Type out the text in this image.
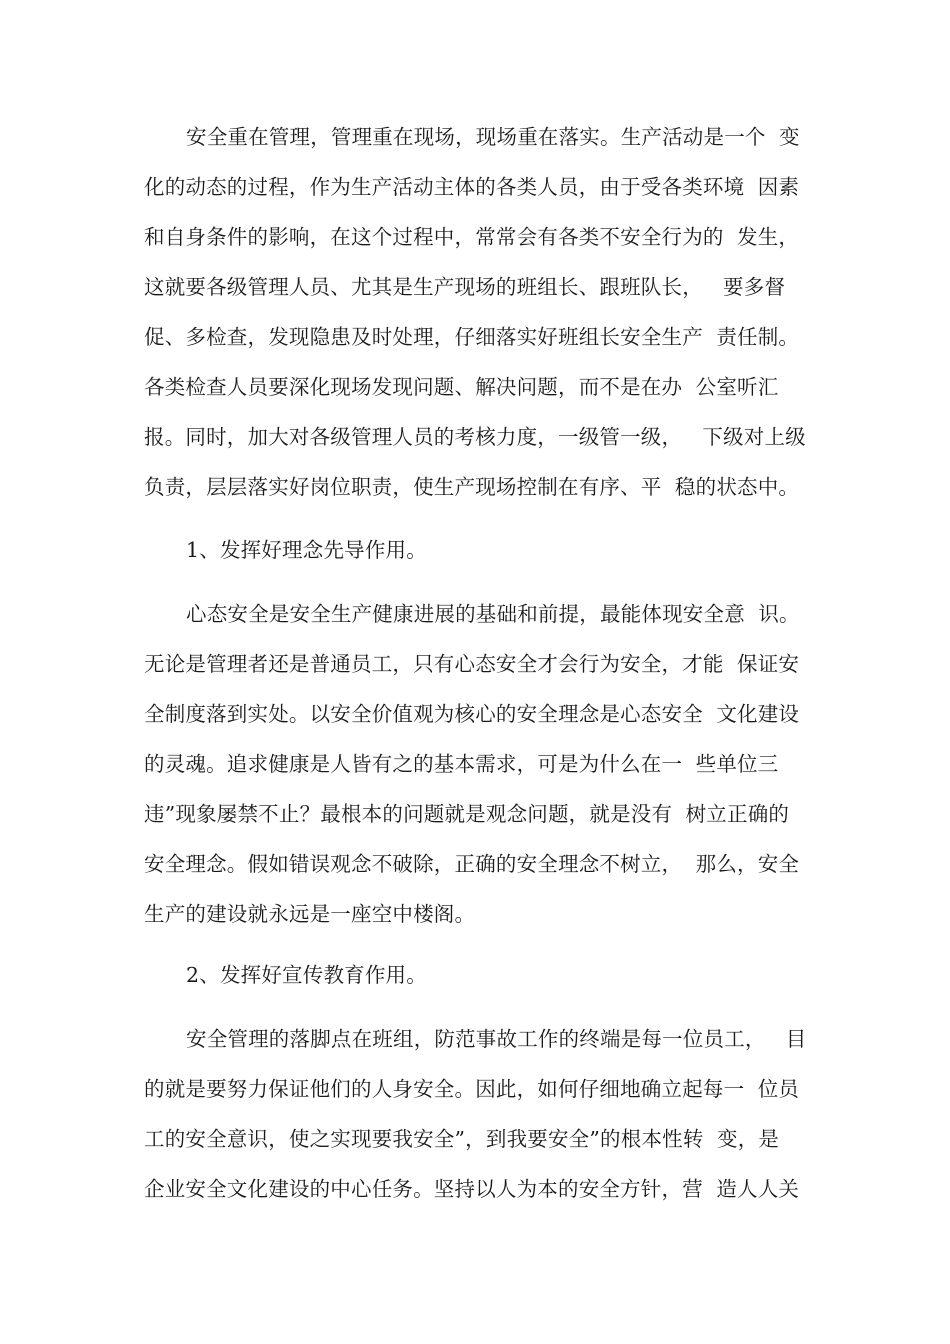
安全重在管理，管理重在现场，现场重在落实。生产活动是一个  变
化的动态的过程，作为生产活动主体的各类人员，由于受各类环境  因素
和自身条件的影响，在这个过程中，常常会有各类不安全行为的  发生，
这就要各级管理人员、尤其是生产现场的班组长、跟班队长，   要多督
促、多检查，发现隐患及时处理，仔细落实好班组长安全生产  责任制。
各类检查人员要深化现场发现问题、解决问题，而不是在办  公室听汇
报。同时，加大对各级管理人员的考核力度，一级管一级，   下级对上级
负责，层层落实好岗位职责，使生产现场控制在有序、平  稳的状态中。
1、发挥好理念先导作用。
心态安全是安全生产健康进展的基础和前提，最能体现安全意  识。
无论是管理者还是普通员工，只有心态安全才会行为安全，才能  保证安
全制度落到实处。以安全价值观为核心的安全理念是心态安全  文化建设
的灵魂。追求健康是人皆有之的基本需求，可是为什么在一  些单位三
违”现象屡禁不止？最根本的问题就是观念问题，就是没有  树立正确的
安全理念。假如错误观念不破除，正确的安全理念不树立，  那么，安全
生产的建设就永远是一座空中楼阁。
2、发挥好宣传教育作用。
安全管理的落脚点在班组，防范事故工作的终端是每一位员工，   目
的就是要努力保证他们的人身安全。因此，如何仔细地确立起每一  位员
工的安全意识，使之实现要我安全”，到我要安全”的根本性转  变，是
企业安全文化建设的中心任务。坚持以人为本的安全方针，营  造人人关
